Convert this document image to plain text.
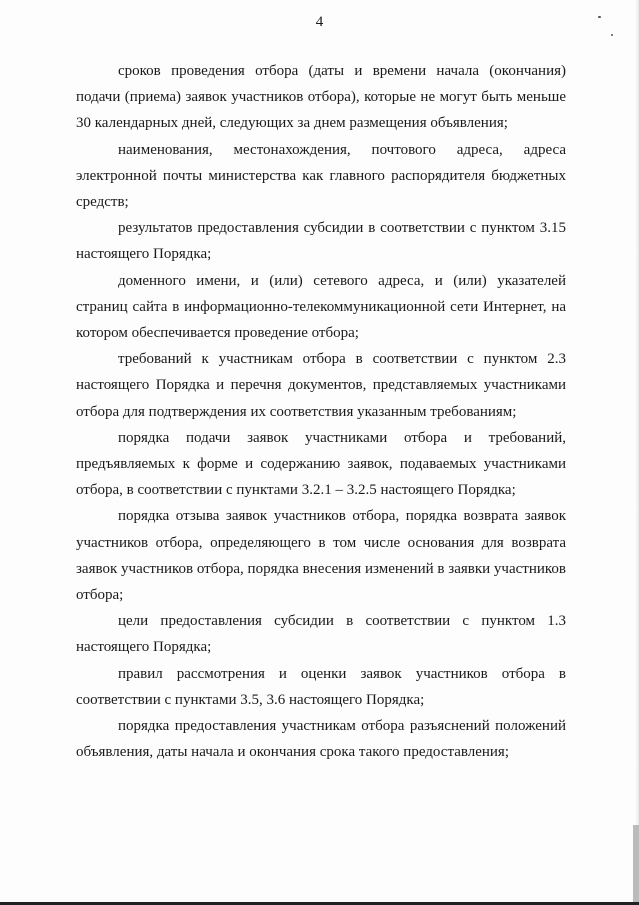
4

сроков проведения отбора (даты и времени начала (окончания) подачи (приема) заявок участников отбора), которые не могут быть меньше 30 календарных дней, следующих за днем размещения объявления;

наименования, местонахождения, почтового адреса, адреса электронной почты министерства как главного распорядителя бюджетных средств;

результатов предоставления субсидии в соответствии с пунктом 3.15 настоящего Порядка;

доменного имени, и (или) сетевого адреса, и (или) указателей страниц сайта в информационно-телекоммуникационной сети Интернет, на котором обеспечивается проведение отбора;

требований к участникам отбора в соответствии с пунктом 2.3 настоящего Порядка и перечня документов, представляемых участниками отбора для подтверждения их соответствия указанным требованиям;

порядка подачи заявок участниками отбора и требований, предъявляемых к форме и содержанию заявок, подаваемых участниками отбора, в соответствии с пунктами 3.2.1 – 3.2.5 настоящего Порядка;

порядка отзыва заявок участников отбора, порядка возврата заявок участников отбора, определяющего в том числе основания для возврата заявок участников отбора, порядка внесения изменений в заявки участников отбора;

цели предоставления субсидии в соответствии с пунктом 1.3 настоящего Порядка;

правил рассмотрения и оценки заявок участников отбора в соответствии с пунктами 3.5, 3.6 настоящего Порядка;

порядка предоставления участникам отбора разъяснений положений объявления, даты начала и окончания срока такого предоставления;
